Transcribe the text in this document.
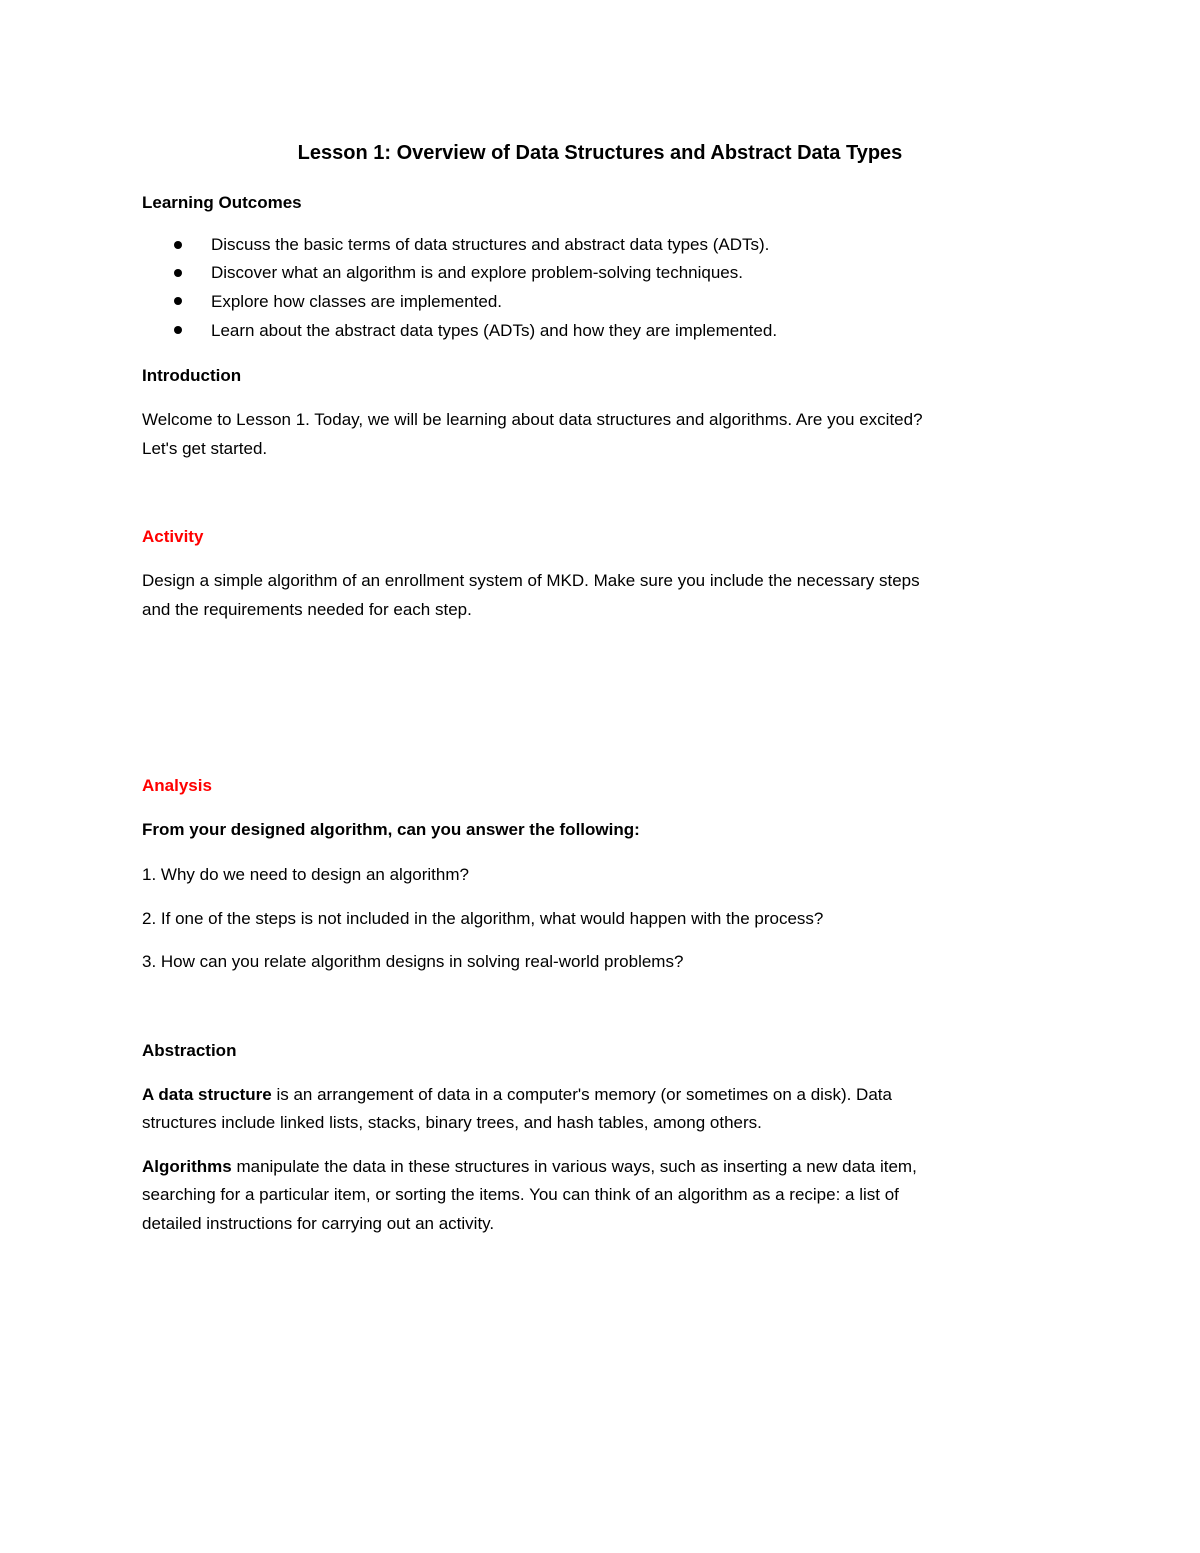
Lesson 1: Overview of Data Structures and Abstract Data Types
Learning Outcomes
Discuss the basic terms of data structures and abstract data types (ADTs).
Discover what an algorithm is and explore problem-solving techniques.
Explore how classes are implemented.
Learn about the abstract data types (ADTs) and how they are implemented.
Introduction
Welcome to Lesson 1. Today, we will be learning about data structures and algorithms. Are you excited?
Let's get started.
Activity
Design a simple algorithm of an enrollment system of MKD. Make sure you include the necessary steps
and the requirements needed for each step.
Analysis
From your designed algorithm, can you answer the following:
1. Why do we need to design an algorithm?
2. If one of the steps is not included in the algorithm, what would happen with the process?
3. How can you relate algorithm designs in solving real-world problems?
Abstraction
A data structure is an arrangement of data in a computer's memory (or sometimes on a disk). Data
structures include linked lists, stacks, binary trees, and hash tables, among others.
Algorithms manipulate the data in these structures in various ways, such as inserting a new data item,
searching for a particular item, or sorting the items. You can think of an algorithm as a recipe: a list of
detailed instructions for carrying out an activity.
